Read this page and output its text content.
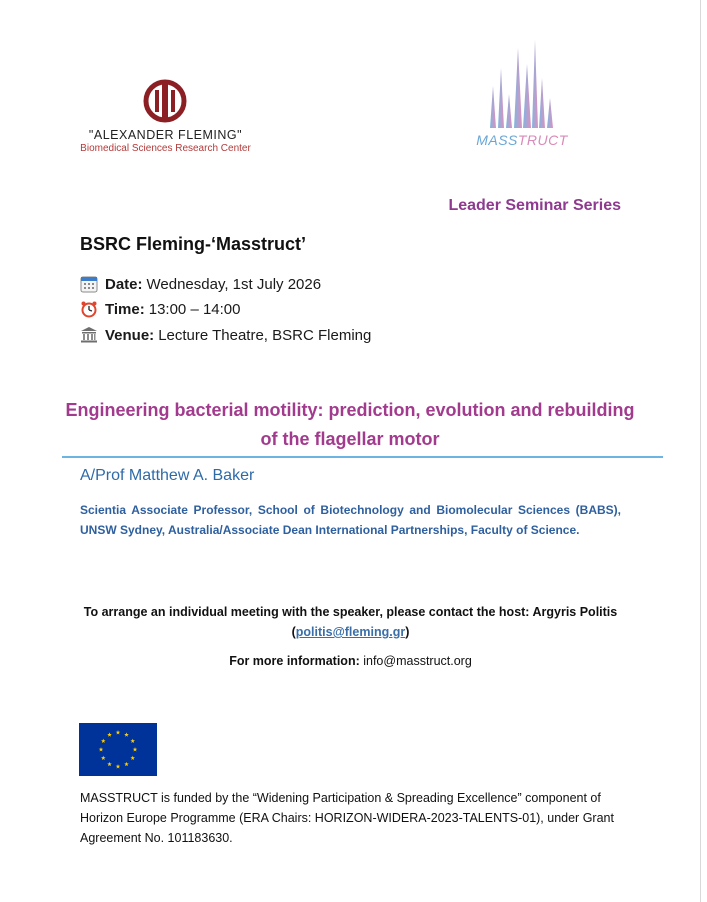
"ALEXANDER FLEMING"
Biomedical Sciences Research Center
MASSTRUCT
Leader Seminar Series
BSRC Fleming-‘Masstruct’
Date: Wednesday, 1st July 2026
Time: 13:00 – 14:00
Venue: Lecture Theatre, BSRC Fleming
Engineering bacterial motility: prediction, evolution and rebuilding of the flagellar motor
A/Prof Matthew A. Baker
Scientia Associate Professor, School of Biotechnology and Biomolecular Sciences (BABS), UNSW Sydney, Australia/Associate Dean International Partnerships, Faculty of Science.
To arrange an individual meeting with the speaker, please contact the host: Argyris Politis (politis@fleming.gr)
For more information: info@masstruct.org
MASSTRUCT is funded by the “Widening Participation & Spreading Excellence” component of Horizon Europe Programme (ERA Chairs: HORIZON-WIDERA-2023-TALENTS-01), under Grant Agreement No. 101183630.
